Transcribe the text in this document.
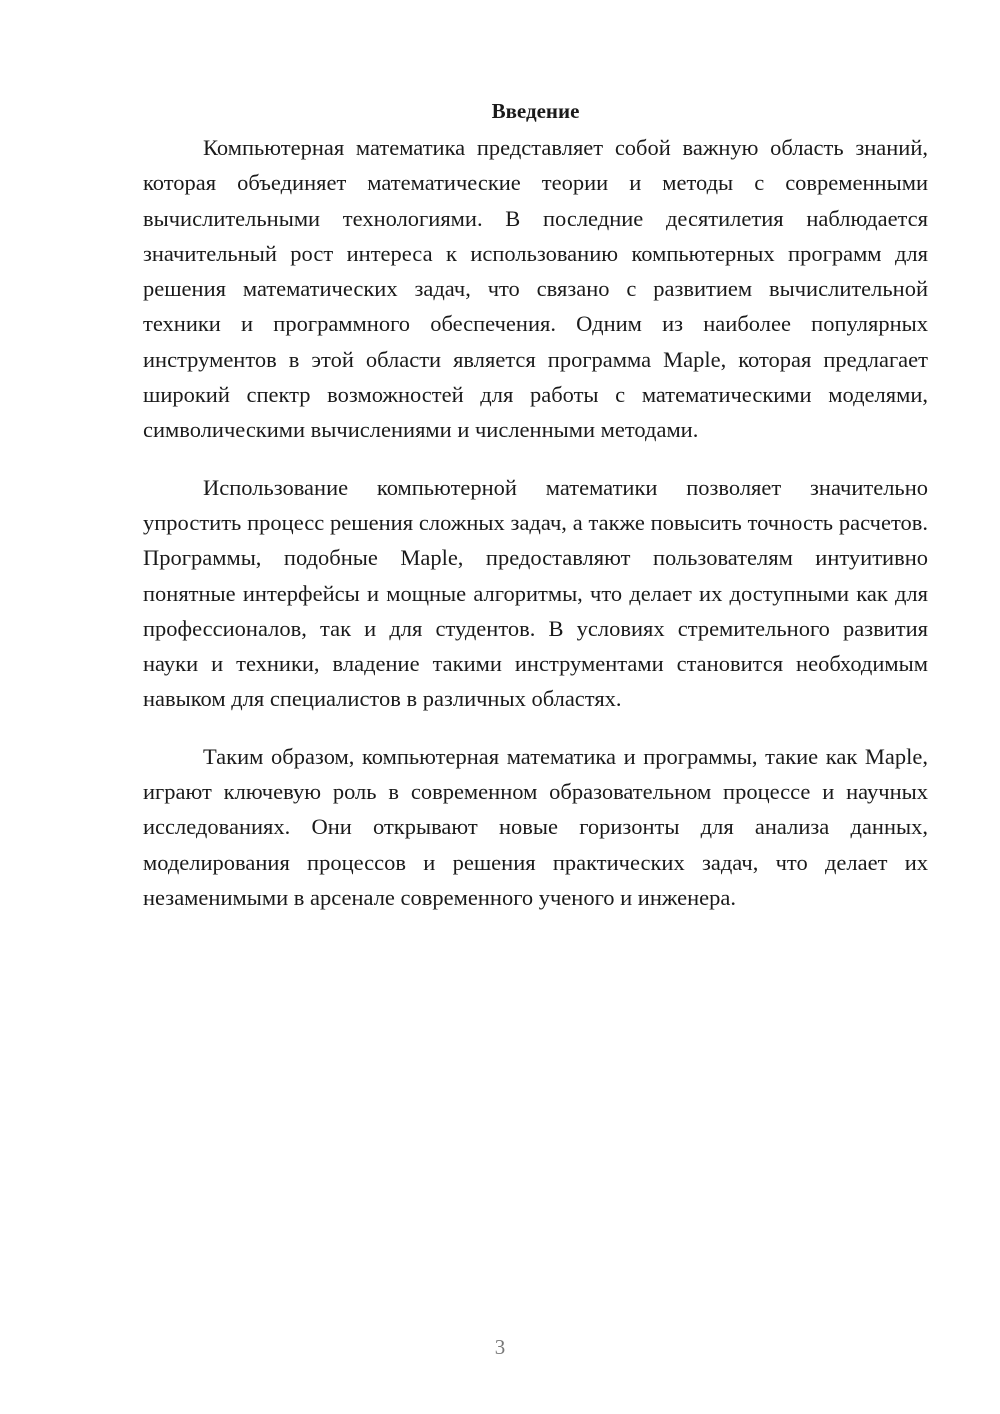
Введение

Компьютерная математика представляет собой важную область знаний, которая объединяет математические теории и методы с современными вычислительными технологиями. В последние десятилетия наблюдается значительный рост интереса к использованию компьютерных программ для решения математических задач, что связано с развитием вычислительной техники и программного обеспечения. Одним из наиболее популярных инструментов в этой области является программа Maple, которая предлагает широкий спектр возможностей для работы с математическими моделями, символическими вычислениями и численными методами.

Использование компьютерной математики позволяет значительно упростить процесс решения сложных задач, а также повысить точность расчетов. Программы, подобные Maple, предоставляют пользователям интуитивно понятные интерфейсы и мощные алгоритмы, что делает их доступными как для профессионалов, так и для студентов. В условиях стремительного развития науки и техники, владение такими инструментами становится необходимым навыком для специалистов в различных областях.

Таким образом, компьютерная математика и программы, такие как Maple, играют ключевую роль в современном образовательном процессе и научных исследованиях. Они открывают новые горизонты для анализа данных, моделирования процессов и решения практических задач, что делает их незаменимыми в арсенале современного ученого и инженера.

3
